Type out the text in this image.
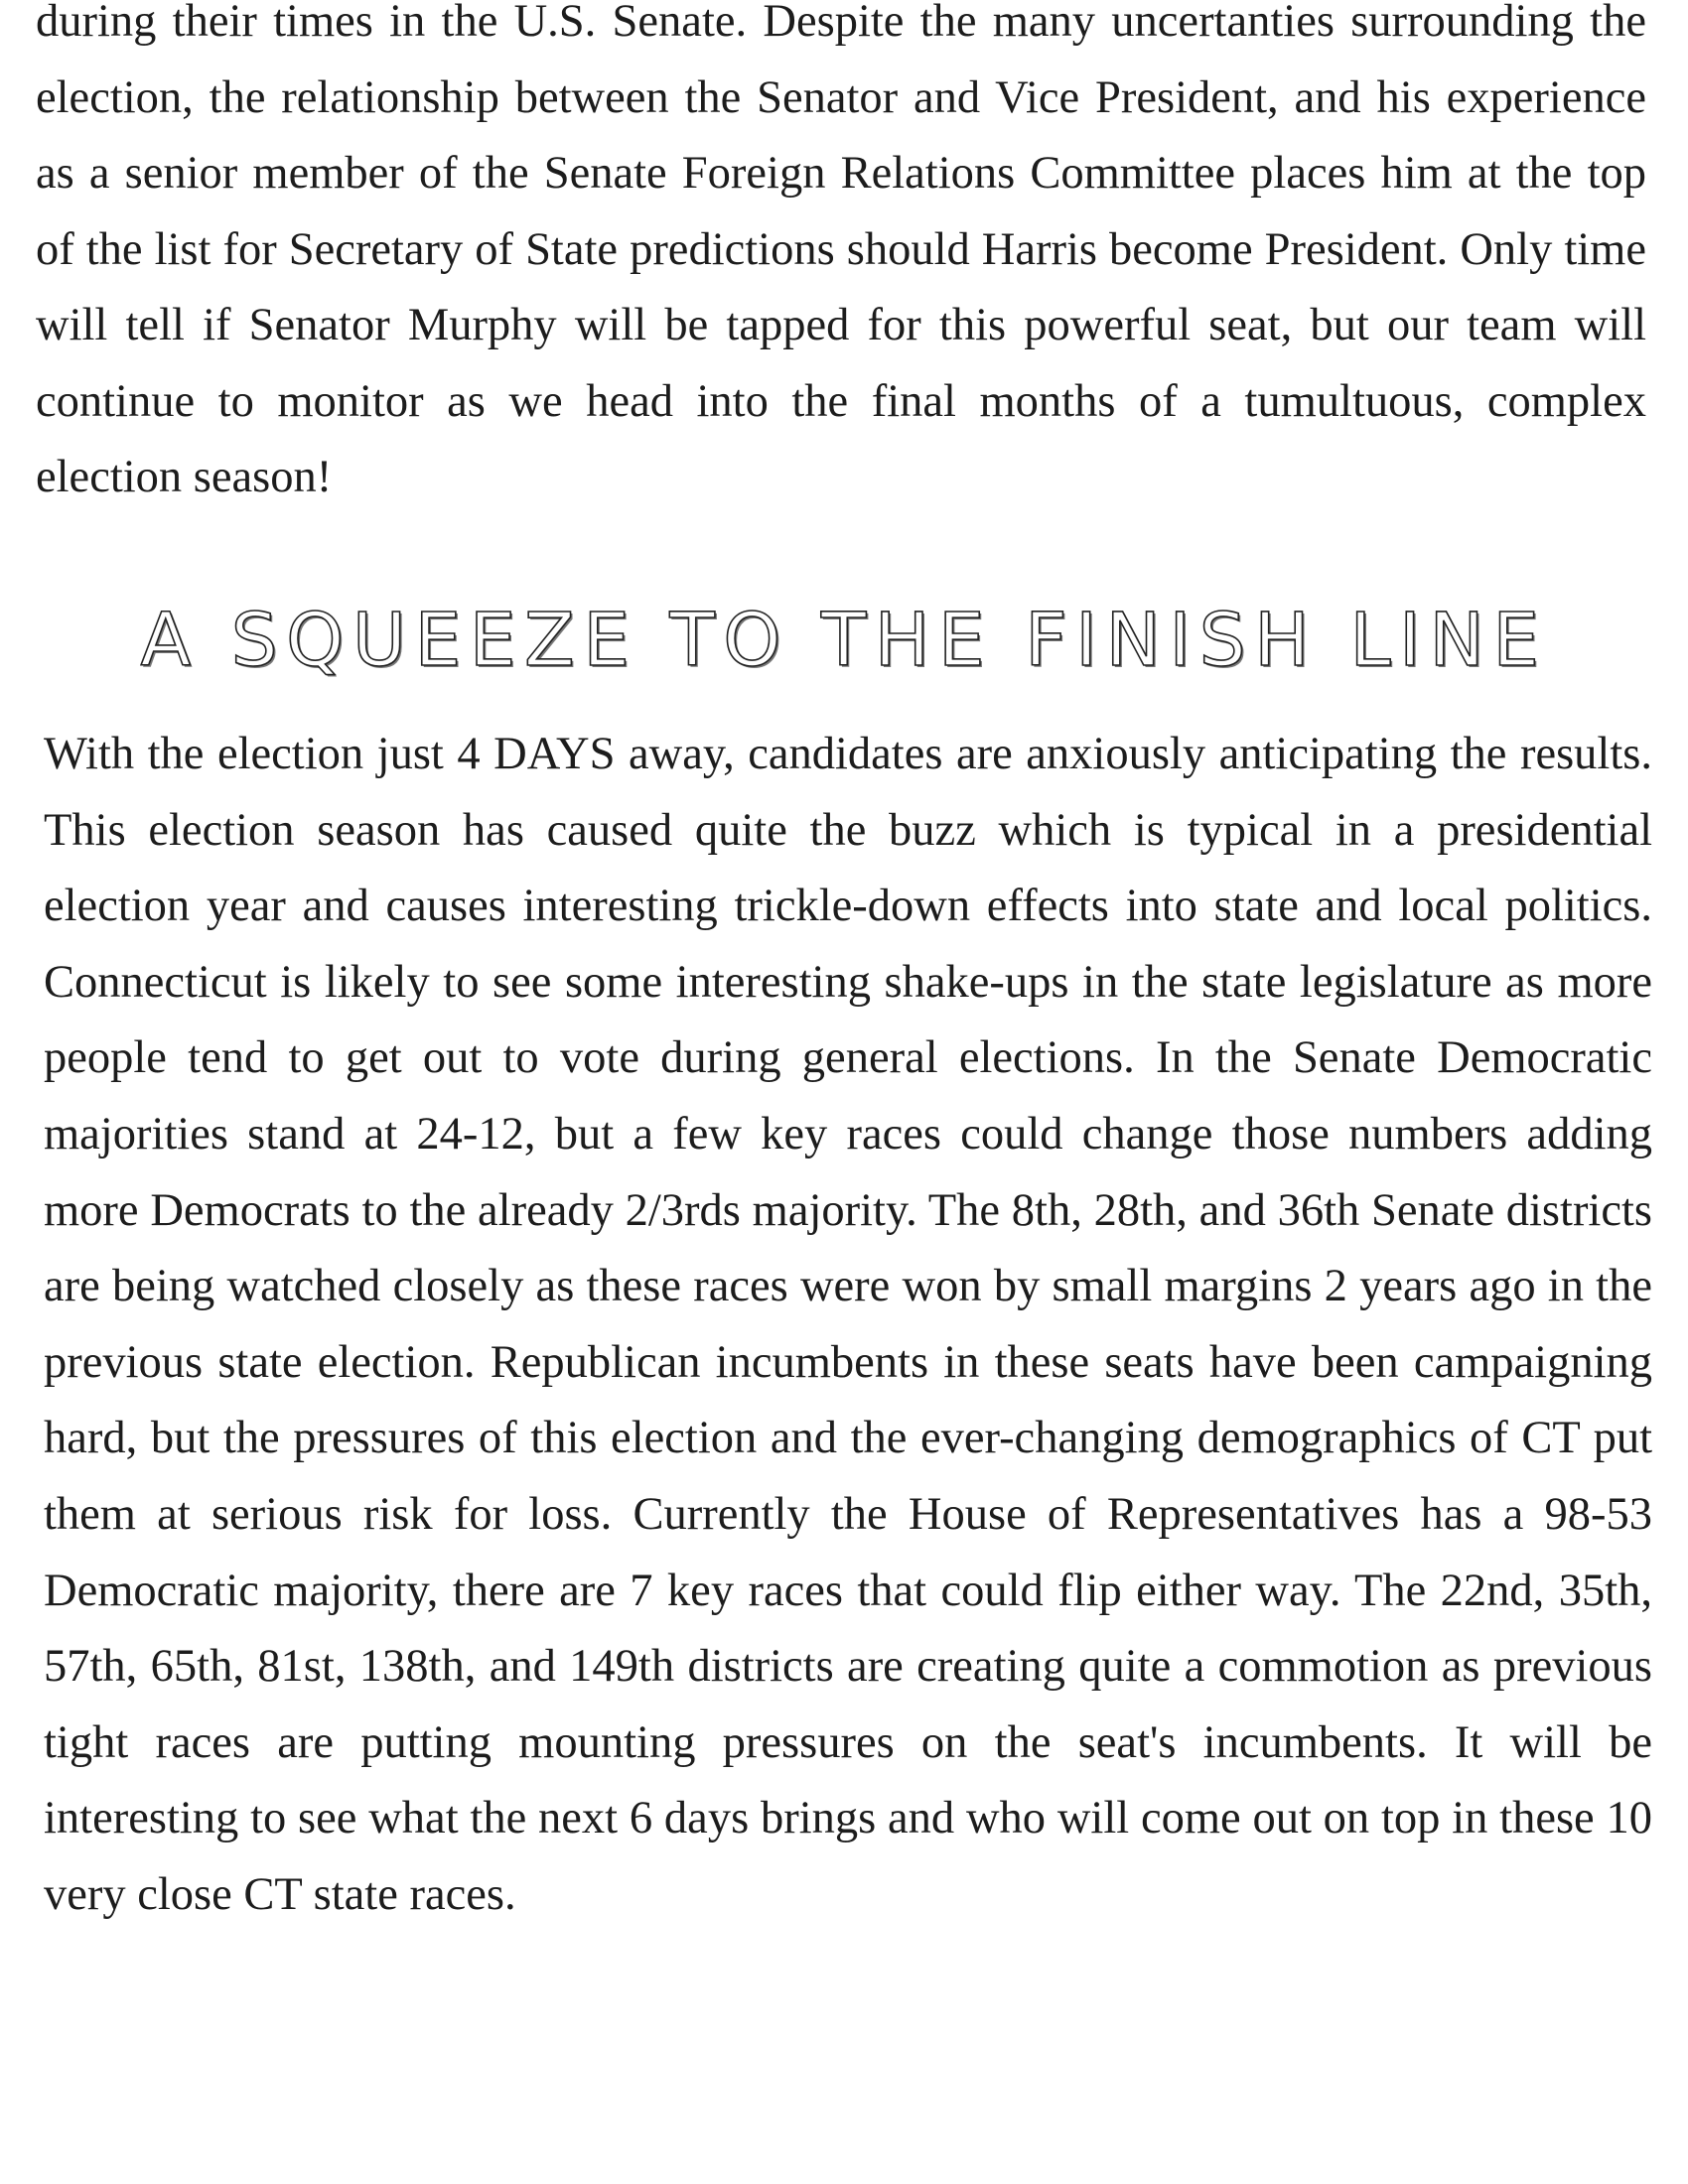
during their times in the U.S. Senate. Despite the many uncertanties surrounding the election, the relationship between the Senator and Vice President, and his experience as a senior member of the Senate Foreign Relations Committee places him at the top of the list for Secretary of State predictions should Harris become President. Only time will tell if Senator Murphy will be tapped for this powerful seat, but our team will continue to monitor as we head into the final months of a tumultuous, complex election season!

A SQUEEZE TO THE FINISH LINE

With the election just 4 DAYS away, candidates are anxiously anticipating the results. This election season has caused quite the buzz which is typical in a presidential election year and causes interesting trickle-down effects into state and local politics. Connecticut is likely to see some interesting shake-ups in the state legislature as more people tend to get out to vote during general elections. In the Senate Democratic majorities stand at 24-12, but a few key races could change those numbers adding more Democrats to the already 2/3rds majority. The 8th, 28th, and 36th Senate districts are being watched closely as these races were won by small margins 2 years ago in the previous state election. Republican incumbents in these seats have been campaigning hard, but the pressures of this election and the ever-changing demographics of CT put them at serious risk for loss. Currently the House of Representatives has a 98-53 Democratic majority, there are 7 key races that could flip either way. The 22nd, 35th, 57th, 65th, 81st, 138th, and 149th districts are creating quite a commotion as previous tight races are putting mounting pressures on the seat's incumbents. It will be interesting to see what the next 6 days brings and who will come out on top in these 10 very close CT state races.
